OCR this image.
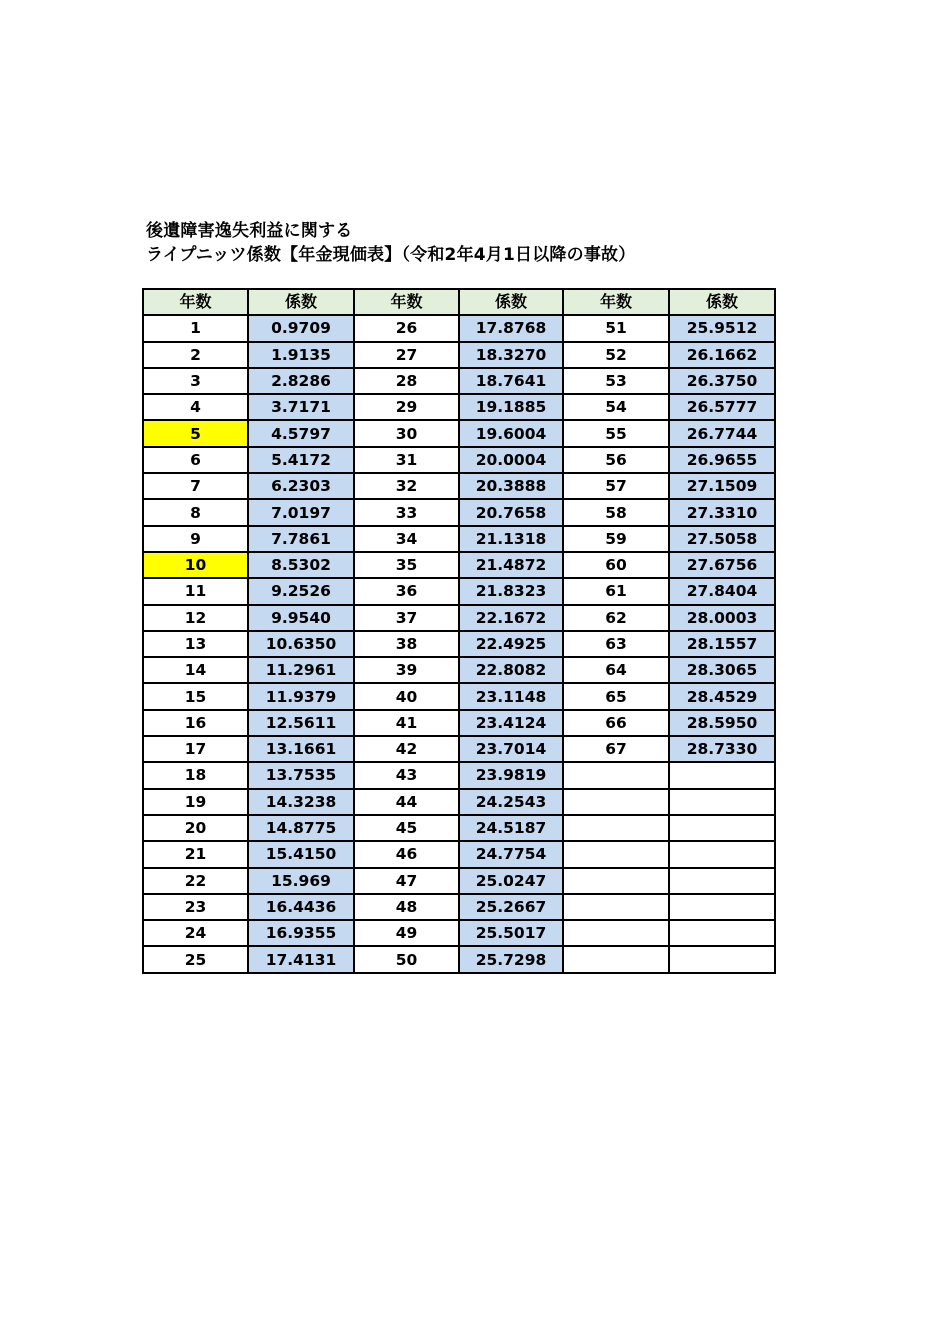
後遺障害逸失利益に関する
ライプニッツ係数【年金現価表】（令和2年4月1日以降の事故）
年数	係数	年数	係数	年数	係数
1	0.9709	26	17.8768	51	25.9512
2	1.9135	27	18.3270	52	26.1662
3	2.8286	28	18.7641	53	26.3750
4	3.7171	29	19.1885	54	26.5777
5	4.5797	30	19.6004	55	26.7744
6	5.4172	31	20.0004	56	26.9655
7	6.2303	32	20.3888	57	27.1509
8	7.0197	33	20.7658	58	27.3310
9	7.7861	34	21.1318	59	27.5058
10	8.5302	35	21.4872	60	27.6756
11	9.2526	36	21.8323	61	27.8404
12	9.9540	37	22.1672	62	28.0003
13	10.6350	38	22.4925	63	28.1557
14	11.2961	39	22.8082	64	28.3065
15	11.9379	40	23.1148	65	28.4529
16	12.5611	41	23.4124	66	28.5950
17	13.1661	42	23.7014	67	28.7330
18	13.7535	43	23.9819		
19	14.3238	44	24.2543		
20	14.8775	45	24.5187		
21	15.4150	46	24.7754		
22	15.969	47	25.0247		
23	16.4436	48	25.2667		
24	16.9355	49	25.5017		
25	17.4131	50	25.7298		
